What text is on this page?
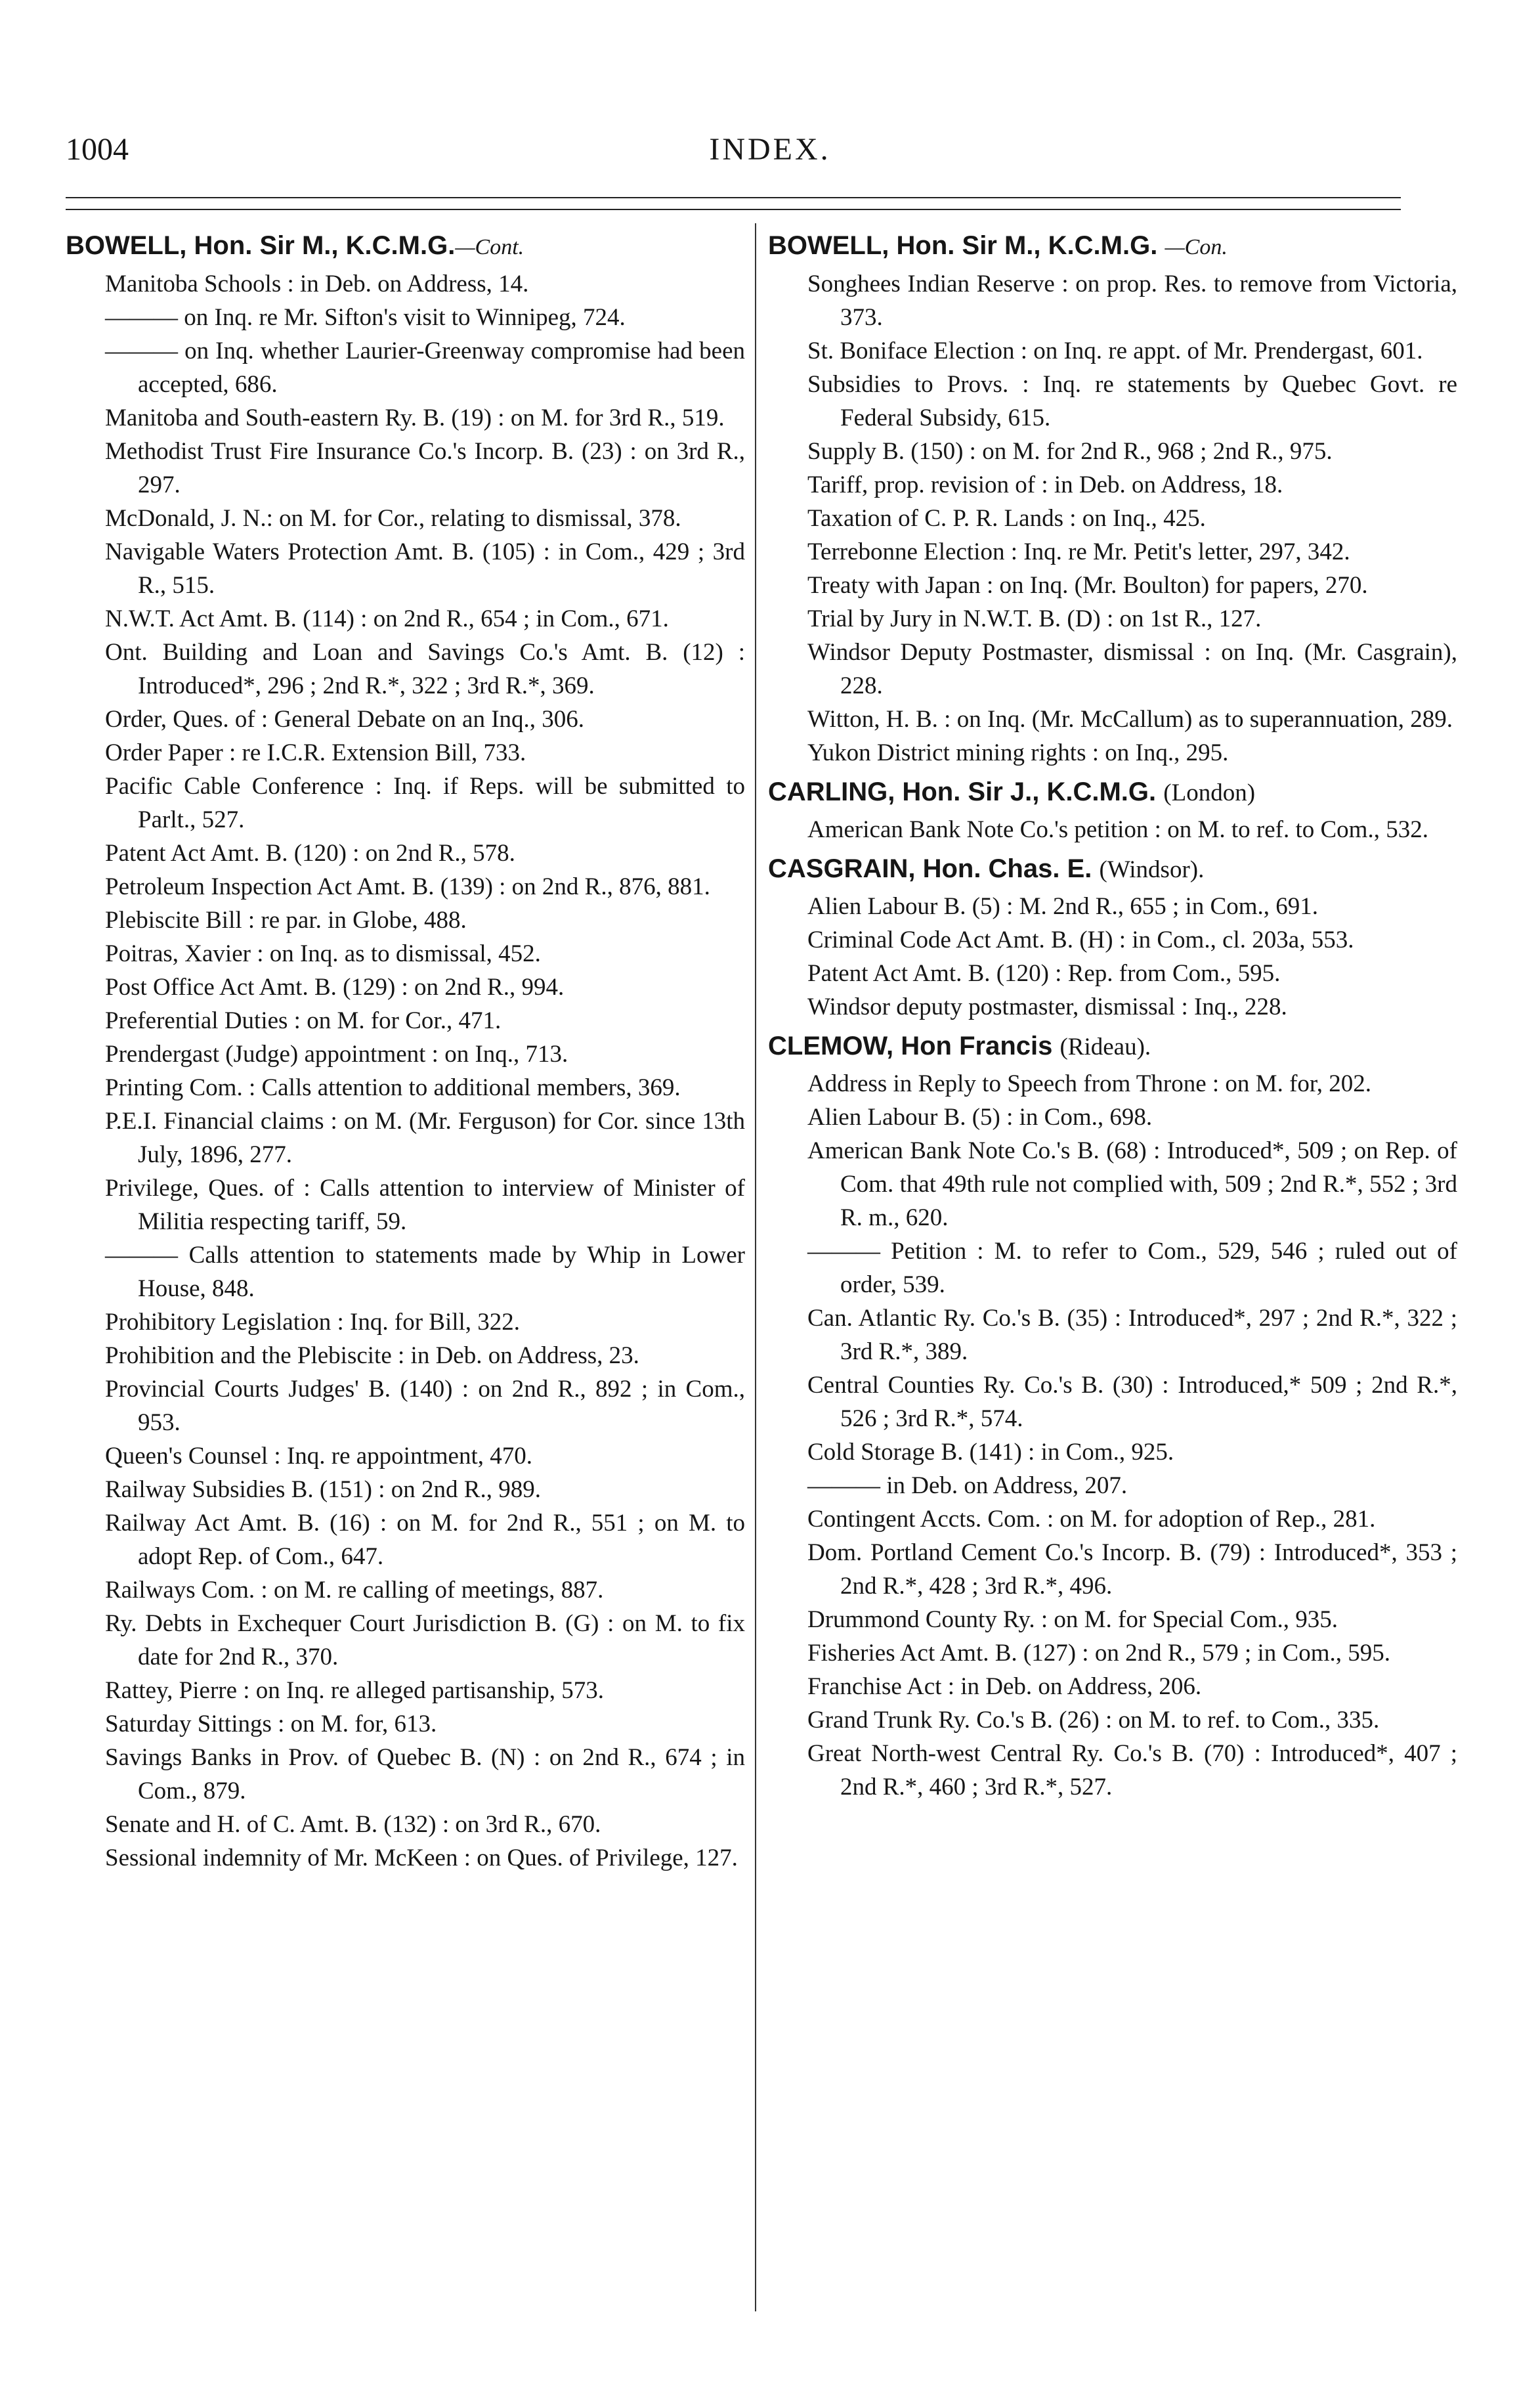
INDEX.
1004
BOWELL, Hon. Sir M., K.C.M.G.—Cont.

Manitoba Schools : in Deb. on Address, 14.

——— on Inq. re Mr. Sifton's visit to Winnipeg, 724.

——— on Inq. whether Laurier-Greenway compromise had been accepted, 686.

Manitoba and South-eastern Ry. B. (19) : on M. for 3rd R., 519.

Methodist Trust Fire Insurance Co.'s Incorp. B. (23) : on 3rd R., 297.

McDonald, J. N.: on M. for Cor., relating to dismissal, 378.

Navigable Waters Protection Amt. B. (105) : in Com., 429 ; 3rd R., 515.

N.W.T. Act Amt. B. (114) : on 2nd R., 654 ; in Com., 671.

Ont. Building and Loan and Savings Co.'s Amt. B. (12) : Introduced*, 296 ; 2nd R.*, 322 ; 3rd R.*, 369.

Order, Ques. of : General Debate on an Inq., 306.

Order Paper : re I.C.R. Extension Bill, 733.

Pacific Cable Conference : Inq. if Reps. will be submitted to Parlt., 527.

Patent Act Amt. B. (120) : on 2nd R., 578.

Petroleum Inspection Act Amt. B. (139) : on 2nd R., 876, 881.

Plebiscite Bill : re par. in Globe, 488.

Poitras, Xavier : on Inq. as to dismissal, 452.

Post Office Act Amt. B. (129) : on 2nd R., 994.

Preferential Duties : on M. for Cor., 471.

Prendergast (Judge) appointment : on Inq., 713.

Printing Com. : Calls attention to additional members, 369.

P.E.I. Financial claims : on M. (Mr. Ferguson) for Cor. since 13th July, 1896, 277.

Privilege, Ques. of : Calls attention to interview of Minister of Militia respecting tariff, 59.

——— Calls attention to statements made by Whip in Lower House, 848.

Prohibitory Legislation : Inq. for Bill, 322.

Prohibition and the Plebiscite : in Deb. on Address, 23.

Provincial Courts Judges' B. (140) : on 2nd R., 892 ; in Com., 953.

Queen's Counsel : Inq. re appointment, 470.

Railway Subsidies B. (151) : on 2nd R., 989.

Railway Act Amt. B. (16) : on M. for 2nd R., 551 ; on M. to adopt Rep. of Com., 647.

Railways Com. : on M. re calling of meetings, 887.

Ry. Debts in Exchequer Court Jurisdiction B. (G) : on M. to fix date for 2nd R., 370.

Rattey, Pierre : on Inq. re alleged partisanship, 573.

Saturday Sittings : on M. for, 613.

Savings Banks in Prov. of Quebec B. (N) : on 2nd R., 674 ; in Com., 879.

Senate and H. of C. Amt. B. (132) : on 3rd R., 670.

Sessional indemnity of Mr. McKeen : on Ques. of Privilege, 127.

BOWELL, Hon. Sir M., K.C.M.G. —Con.

Songhees Indian Reserve : on prop. Res. to remove from Victoria, 373.

St. Boniface Election : on Inq. re appt. of Mr. Prendergast, 601.

Subsidies to Provs. : Inq. re statements by Quebec Govt. re Federal Subsidy, 615.

Supply B. (150) : on M. for 2nd R., 968 ; 2nd R., 975.

Tariff, prop. revision of : in Deb. on Address, 18.

Taxation of C. P. R. Lands : on Inq., 425.

Terrebonne Election : Inq. re Mr. Petit's letter, 297, 342.

Treaty with Japan : on Inq. (Mr. Boulton) for papers, 270.

Trial by Jury in N.W.T. B. (D) : on 1st R., 127.

Windsor Deputy Postmaster, dismissal : on Inq. (Mr. Casgrain), 228.

Witton, H. B. : on Inq. (Mr. McCallum) as to superannuation, 289.

Yukon District mining rights : on Inq., 295.

CARLING, Hon. Sir J., K.C.M.G. (London)

American Bank Note Co.'s petition : on M. to ref. to Com., 532.

CASGRAIN, Hon. Chas. E. (Windsor).

Alien Labour B. (5) : M. 2nd R., 655 ; in Com., 691.

Criminal Code Act Amt. B. (H) : in Com., cl. 203a, 553.

Patent Act Amt. B. (120) : Rep. from Com., 595.

Windsor deputy postmaster, dismissal : Inq., 228.

CLEMOW, Hon Francis (Rideau).

Address in Reply to Speech from Throne : on M. for, 202.

Alien Labour B. (5) : in Com., 698.

American Bank Note Co.'s B. (68) : Introduced*, 509 ; on Rep. of Com. that 49th rule not complied with, 509 ; 2nd R.*, 552 ; 3rd R. m., 620.

——— Petition : M. to refer to Com., 529, 546 ; ruled out of order, 539.

Can. Atlantic Ry. Co.'s B. (35) : Introduced*, 297 ; 2nd R.*, 322 ; 3rd R.*, 389.

Central Counties Ry. Co.'s B. (30) : Introduced,* 509 ; 2nd R.*, 526 ; 3rd R.*, 574.

Cold Storage B. (141) : in Com., 925.

——— in Deb. on Address, 207.

Contingent Accts. Com. : on M. for adoption of Rep., 281.

Dom. Portland Cement Co.'s Incorp. B. (79) : Introduced*, 353 ; 2nd R.*, 428 ; 3rd R.*, 496.

Drummond County Ry. : on M. for Special Com., 935.

Fisheries Act Amt. B. (127) : on 2nd R., 579 ; in Com., 595.

Franchise Act : in Deb. on Address, 206.

Grand Trunk Ry. Co.'s B. (26) : on M. to ref. to Com., 335.

Great North-west Central Ry. Co.'s B. (70) : Introduced*, 407 ; 2nd R.*, 460 ; 3rd R.*, 527.
